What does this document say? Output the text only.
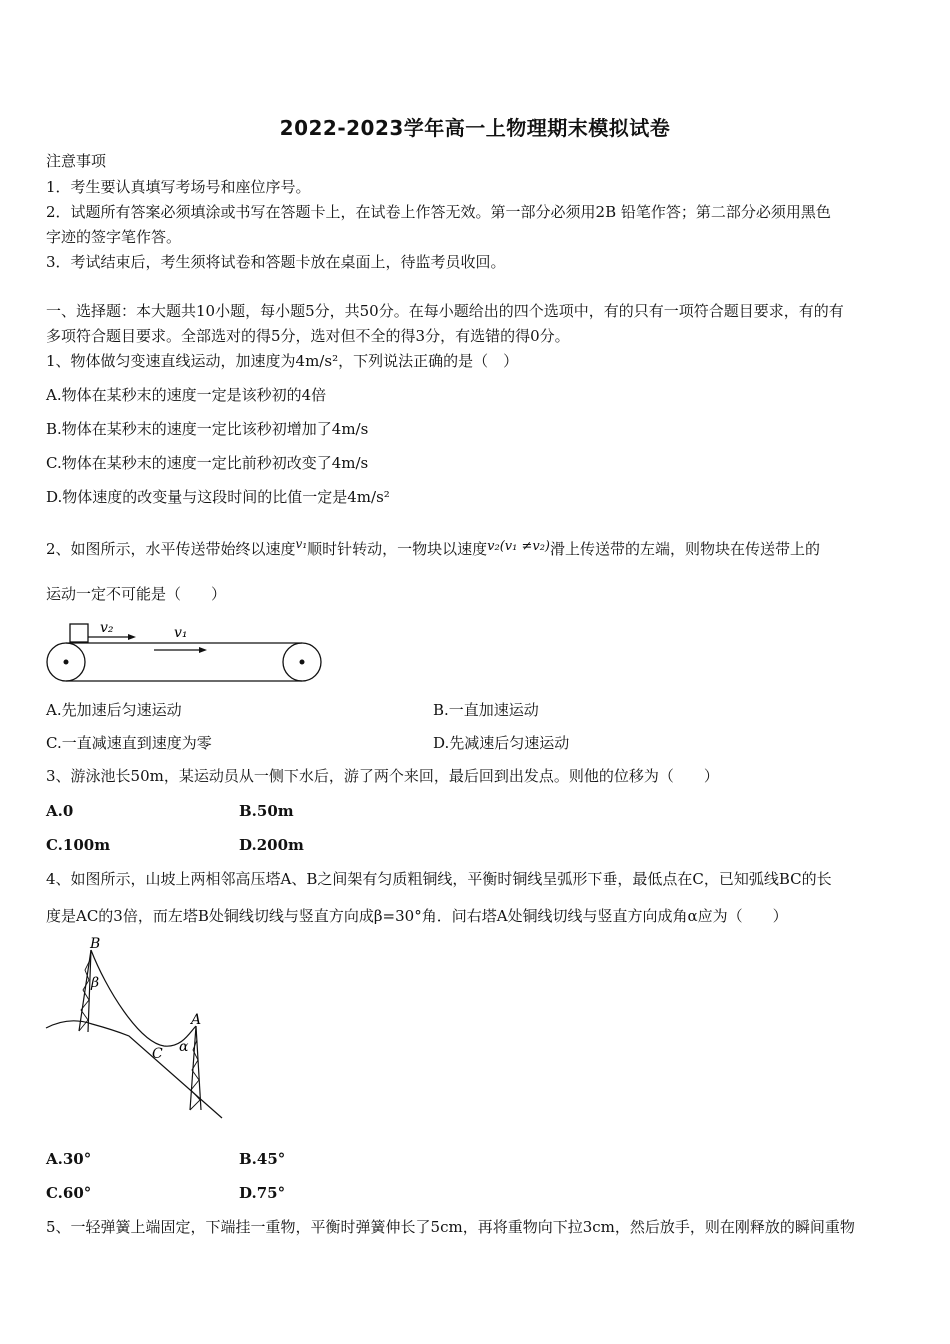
2022-2023学年高一上物理期末模拟试卷
注意事项
1．考生要认真填写考场号和座位序号。
2．试题所有答案必须填涂或书写在答题卡上，在试卷上作答无效。第一部分必须用2B 铅笔作答；第二部分必须用黑色
字迹的签字笔作答。
3．考试结束后，考生须将试卷和答题卡放在桌面上，待监考员收回。
一、选择题：本大题共10小题，每小题5分，共50分。在每小题给出的四个选项中，有的只有一项符合题目要求，有的有
多项符合题目要求。全部选对的得5分，选对但不全的得3分，有选错的得0分。
1、物体做匀变速直线运动，加速度为4m/s²，下列说法正确的是（　）
A.物体在某秒末的速度一定是该秒初的4倍
B.物体在某秒末的速度一定比该秒初增加了4m/s
C.物体在某秒末的速度一定比前秒初改变了4m/s
D.物体速度的改变量与这段时间的比值一定是4m/s²
2、如图所示，水平传送带始终以速度$^{v_1}$顺时针转动，一物块以速度v₂(v₁ ≠v₂)滑上传送带的左端，则物块在传送带上的
运动一定不可能是（　　）
v₂	v₁
A.先加速后匀速运动	B.一直加速运动
C.一直减速直到速度为零	D.先减速后匀速运动
3、游泳池长50m，某运动员从一侧下水后，游了两个来回，最后回到出发点。则他的位移为（　　）
A.0	B.50m
C.100m	D.200m
4、如图所示，山坡上两相邻高压塔A、B之间架有匀质粗铜线，平衡时铜线呈弧形下垂，最低点在C，已知弧线BC的长
度是AC的3倍，而左塔B处铜线切线与竖直方向成β=30°角．问右塔A处铜线切线与竖直方向成角α应为（　　）
B
β
A
α
C
A.30°	B.45°
C.60°	D.75°
5、一轻弹簧上端固定，下端挂一重物，平衡时弹簧伸长了5cm，再将重物向下拉3cm，然后放手，则在刚释放的瞬间重物
